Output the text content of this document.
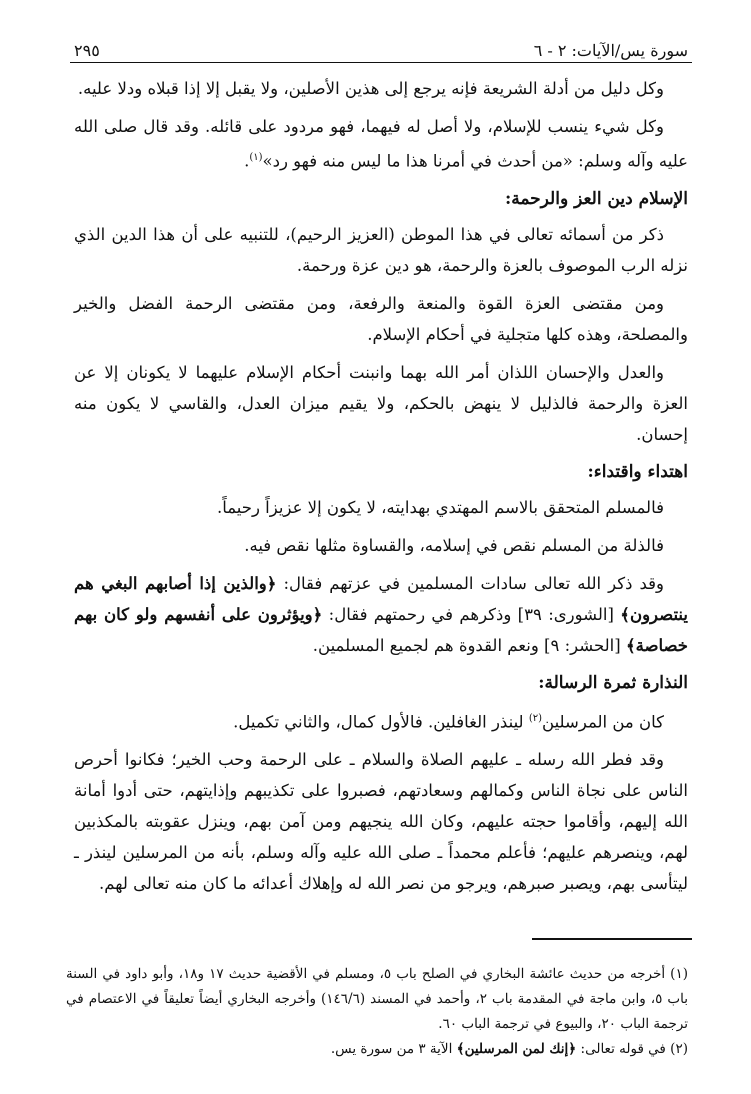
سورة يس/الآيات: ٢ - ٦
٢٩٥

وكل دليل من أدلة الشريعة فإنه يرجع إلى هذين الأصلين، ولا يقبل إلا إذا قبلاه ودلا عليه.

وكل شيء ينسب للإسلام، ولا أصل له فيهما، فهو مردود على قائله. وقد قال صلى الله عليه وآله وسلم: «من أحدث في أمرنا هذا ما ليس منه فهو رد»$^{(١)}$.

الإسلام دين العز والرحمة:

ذكر من أسمائه تعالى في هذا الموطن (العزيز الرحيم)، للتنبيه على أن هذا الدين الذي نزله الرب الموصوف بالعزة والرحمة، هو دين عزة ورحمة.

ومن مقتضى العزة القوة والمنعة والرفعة، ومن مقتضى الرحمة الفضل والخير والمصلحة، وهذه كلها متجلية في أحكام الإسلام.

والعدل والإحسان اللذان أمر الله بهما وانبنت أحكام الإسلام عليهما لا يكونان إلا عن العزة والرحمة فالذليل لا ينهض بالحكم، ولا يقيم ميزان العدل، والقاسي لا يكون منه إحسان.

اهتداء واقتداء:

فالمسلم المتحقق بالاسم المهتدي بهدايته، لا يكون إلا عزيزاً رحيماً.

فالذلة من المسلم نقص في إسلامه، والقساوة مثلها نقص فيه.

وقد ذكر الله تعالى سادات المسلمين في عزتهم فقال: ﴿والذين إذا أصابهم البغي هم ينتصرون﴾ [الشورى: ٣٩] وذكرهم في رحمتهم فقال: ﴿ويؤثرون على أنفسهم ولو كان بهم خصاصة﴾ [الحشر: ٩] ونعم القدوة هم لجميع المسلمين.

النذارة ثمرة الرسالة:

كان من المرسلين$^{(٢)}$ لينذر الغافلين. فالأول كمال، والثاني تكميل.

وقد فطر الله رسله ـ عليهم الصلاة والسلام ـ على الرحمة وحب الخير؛ فكانوا أحرص الناس على نجاة الناس وكمالهم وسعادتهم، فصبروا على تكذيبهم وإذايتهم، حتى أدوا أمانة الله إليهم، وأقاموا حجته عليهم، وكان الله ينجيهم ومن آمن بهم، وينزل عقوبته بالمكذبين لهم، وينصرهم عليهم؛ فأعلم محمداً ـ صلى الله عليه وآله وسلم، بأنه من المرسلين لينذر ـ ليتأسى بهم، ويصبر صبرهم، ويرجو من نصر الله له وإهلاك أعدائه ما كان منه تعالى لهم.

(١) أخرجه من حديث عائشة البخاري في الصلح باب ٥، ومسلم في الأقضية حديث ١٧ و١٨، وأبو داود في السنة باب ٥، وابن ماجة في المقدمة باب ٢، وأحمد في المسند (١٤٦/٦) وأخرجه البخاري أيضاً تعليقاً في الاعتصام في ترجمة الباب ٢٠، والبيوع في ترجمة الباب ٦٠.

(٢) في قوله تعالى: ﴿إنك لمن المرسلين﴾ الآية ٣ من سورة يس.
